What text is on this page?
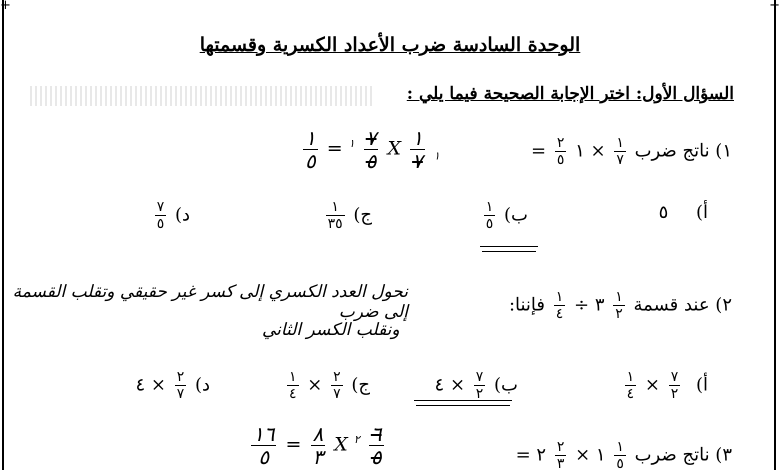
+	+
الوحدة السادسة ضرب الأعداد الكسرية وقسمتها
السؤال الأول: اختر الإجابة الصحيحة فيما يلي :
١) ناتج ضرب
$\frac{١}{٧}$
× ١
$\frac{٢}{٥}$
=
$\frac{١}{٥} = ^١ \frac{٧}{٥}$ X $\frac{١}{٧} _١$
أ) ٥
ب)
$\frac{١}{٥}$
ج)
$\frac{١}{٣٥}$
د)
$\frac{٧}{٥}$
٢) عند قسمة
$\frac{١}{٢}$
٣ ÷
$\frac{١}{٤}$
فإننا:
نحول العدد الكسري إلى كسر غير حقيقي وتقلب القسمة إلى ضرب
ونقلب الكسر الثاني
أ)
$\frac{٧}{٢}$
×
$\frac{١}{٤}$
ب)
$\frac{٧}{٢}$
× ٤
ج)
$\frac{٢}{٧}$
×
$\frac{١}{٤}$
د)
$\frac{٢}{٧}$
× ٤
٣) ناتج ضرب
$\frac{١}{٥}$
١ ×
$\frac{٢}{٣}$
٢ =
$\frac{١٦}{٥} = \frac{٨}{٣}$ X $^٢ \frac{٦}{٥}$
